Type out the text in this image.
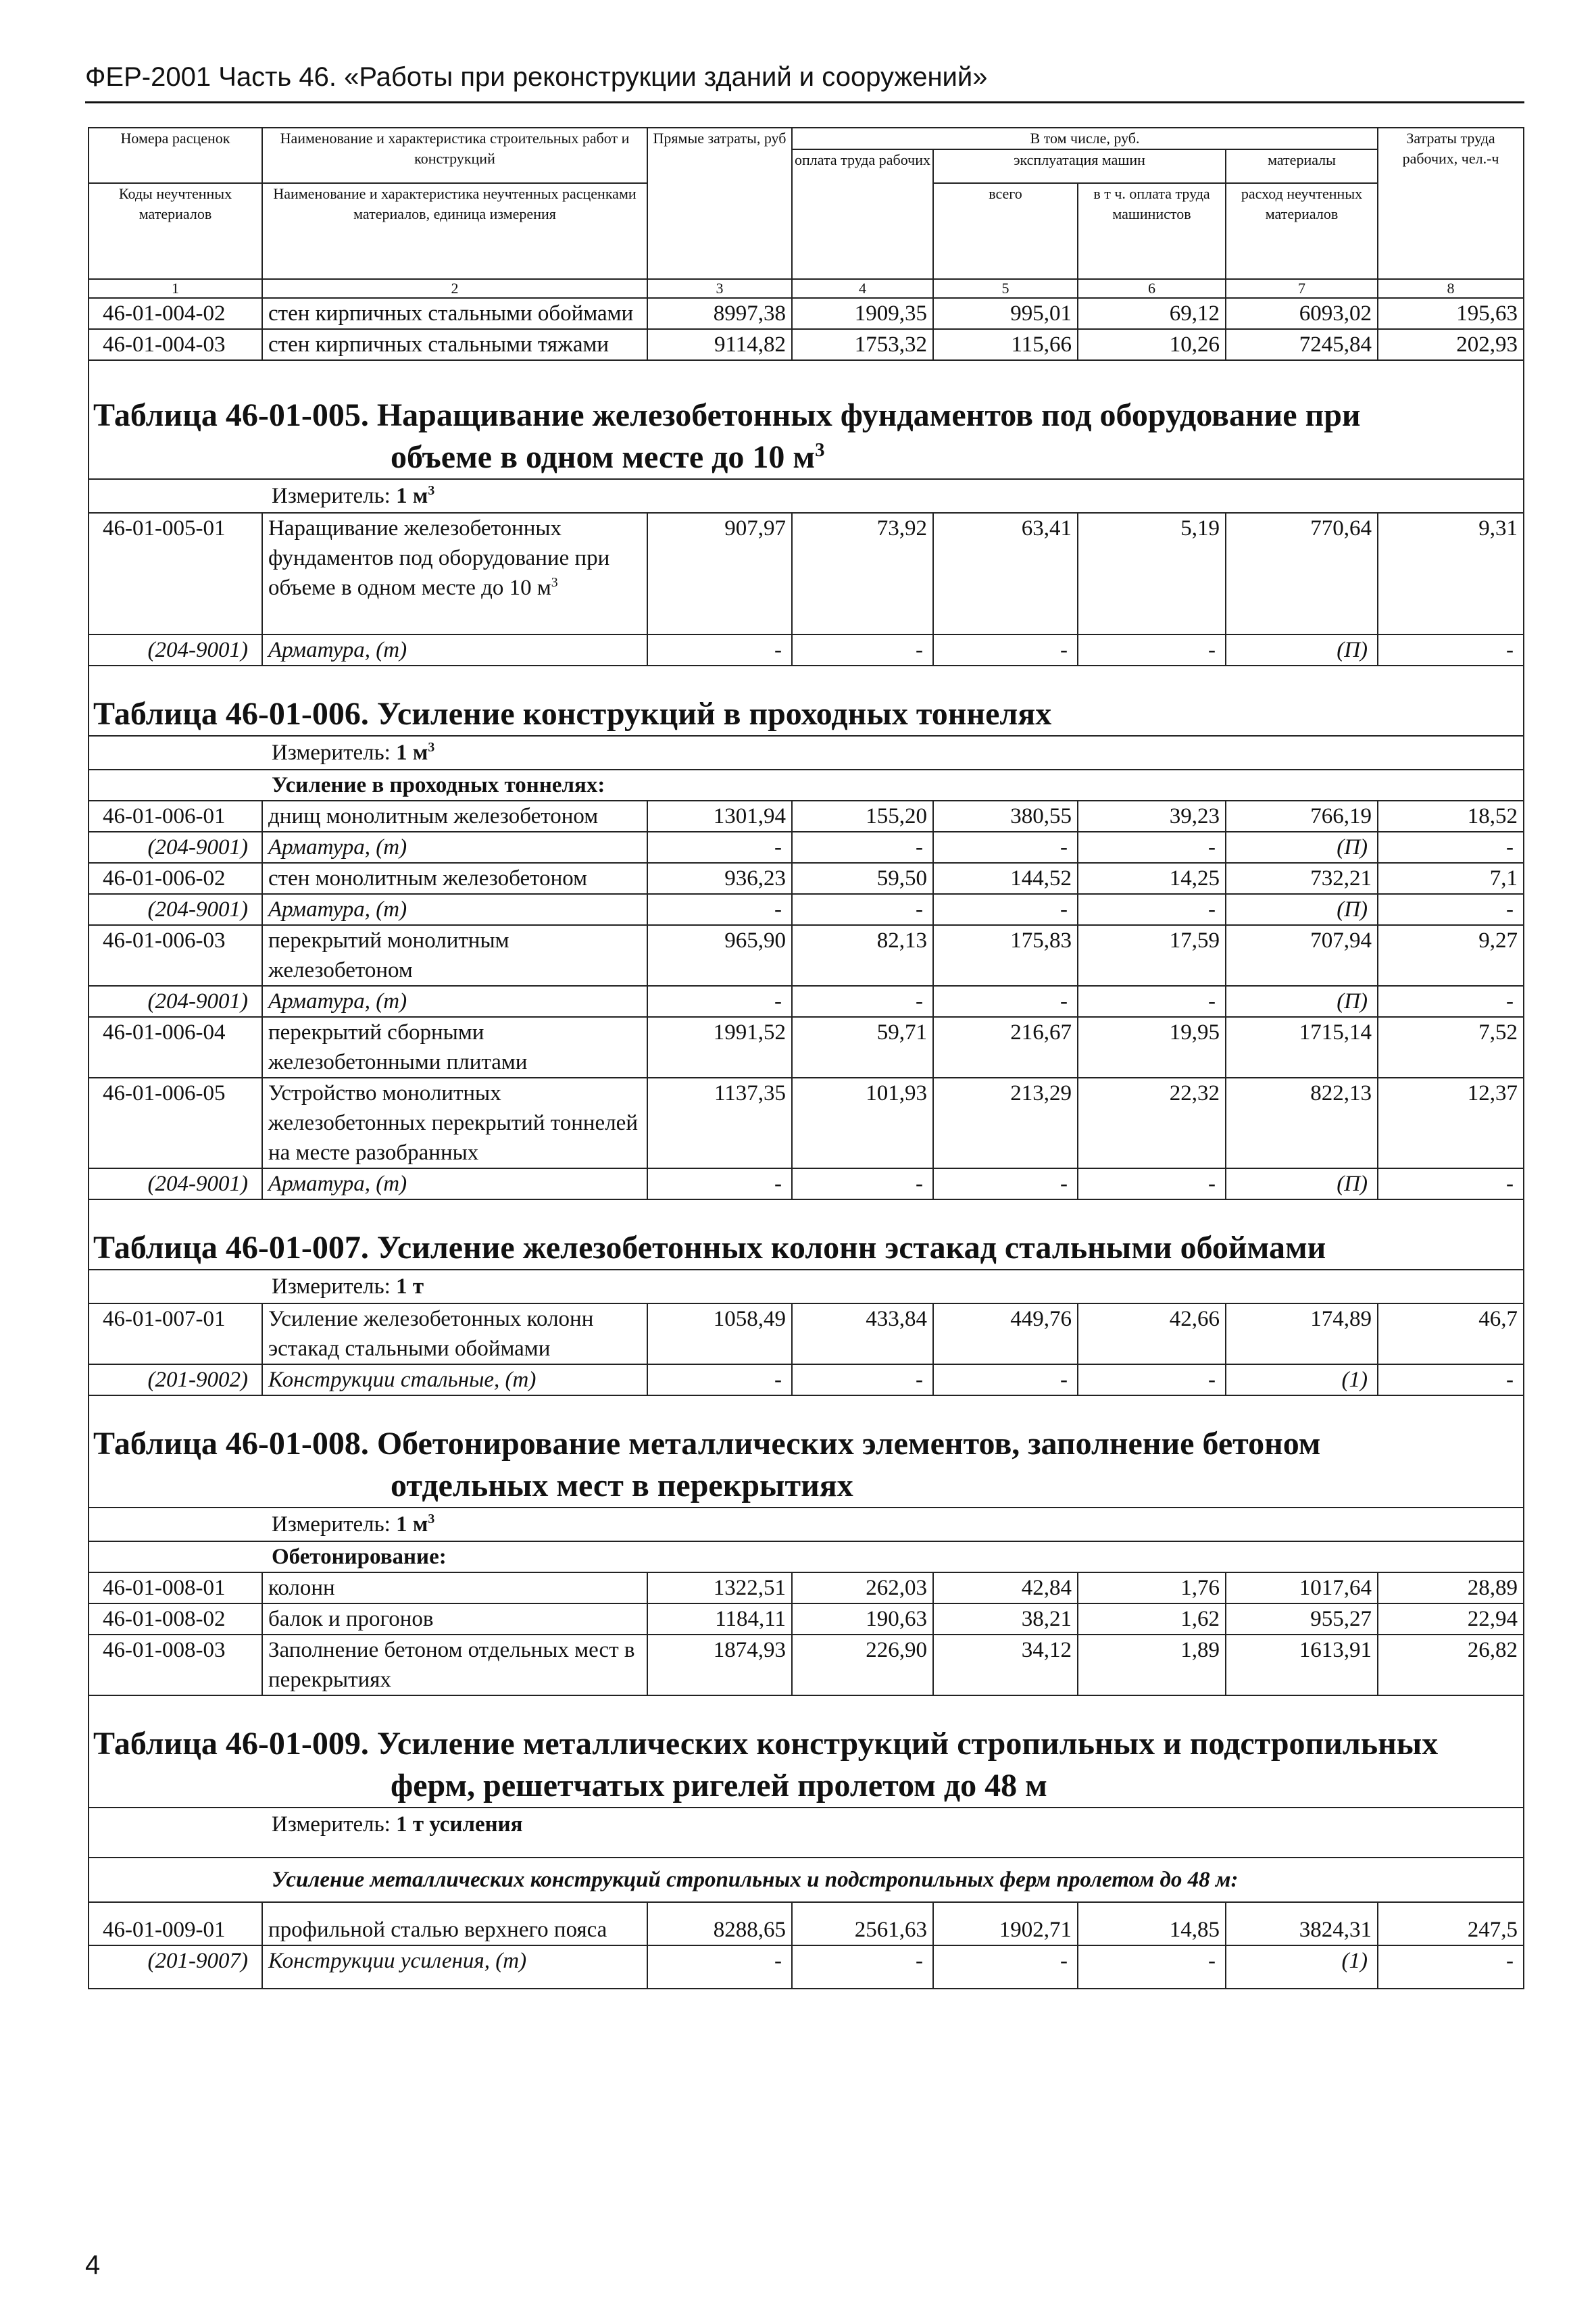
ФЕР-2001 Часть 46. «Работы при реконструкции зданий и сооружений»
Номера расценок	Наименование и характеристика строительных работ и конструкций	Прямые затраты, руб	В том числе, руб.				Затраты труда рабочих, чел.-ч
			оплата труда рабочих	эксплуатация машин		материалы	
Коды неучтенных материалов	Наименование и характеристика неучтенных расценками материалов, единица измерения			всего	в т ч. оплата труда машинистов	расход неучтенных материалов	

1	2	3	4	5	6	7	8
46-01-004-02	стен кирпичных стальными обоймами	8997,38	1909,35	995,01	69,12	6093,02	195,63
46-01-004-03	стен кирпичных стальными тяжами	9114,82	1753,32	115,66	10,26	7245,84	202,93
Таблица 46-01-005. Наращивание железобетонных фундаментов под оборудование при

объеме в одном месте до 10 $м^3$

Измеритель: 1 $м^3$
46-01-005-01	Наращивание железобетонных фундаментов под оборудование при объеме в одном месте до 10 $м^3$	907,97	73,92	63,41	5,19	770,64	9,31
(204-9001)	Арматура, (т)	-	-	-	-	(П)	-
Таблица 46-01-006. Усиление конструкций в проходных тоннелях							
Измеритель: 1 $м^3$
Усиление в проходных тоннелях:							
46-01-006-01	днищ монолитным железобетоном	1301,94	155,20	380,55	39,23	766,19	18,52
(204-9001)	Арматура, (т)	-	-	-	-	(П)	-
46-01-006-02	стен монолитным железобетоном	936,23	59,50	144,52	14,25	732,21	7,1
(204-9001)	Арматура, (т)	-	-	-	-	(П)	-
46-01-006-03	перекрытий монолитным железобетоном	965,90	82,13	175,83	17,59	707,94	9,27
(204-9001)	Арматура, (т)	-	-	-	-	(П)	-
46-01-006-04	перекрытий сборными железобетонными плитами	1991,52	59,71	216,67	19,95	1715,14	7,52
46-01-006-05	Устройство монолитных железобетонных перекрытий тоннелей на месте разобранных	1137,35	101,93	213,29	22,32	822,13	12,37
(204-9001)	Арматура, (т)	-	-	-	-	(П)	-
Таблица 46-01-007. Усиление железобетонных колонн эстакад стальными обоймами							
Измеритель: 1 т							
46-01-007-01	Усиление железобетонных колонн эстакад стальными обоймами	1058,49	433,84	449,76	42,66	174,89	46,7
(201-9002)	Конструкции стальные, (т)	-	-	-	-	(1)	-
Таблица 46-01-008. Обетонирование металлических элементов, заполнение бетоном

отдельных мест в перекрытиях							

Измеритель: 1 $м^3$
Обетонирование:							
46-01-008-01	колонн	1322,51	262,03	42,84	1,76	1017,64	28,89
46-01-008-02	балок и прогонов	1184,11	190,63	38,21	1,62	955,27	22,94
46-01-008-03	Заполнение бетоном отдельных мест в перекрытиях	1874,93	226,90	34,12	1,89	1613,91	26,82
Таблица 46-01-009. Усиление металлических конструкций стропильных и подстропильных

ферм, решетчатых ригелей пролетом до 48 м							

Измеритель: 1 т усиления							
Усиление металлических конструкций стропильных и подстропильных ферм пролетом до 48 м:							
46-01-009-01	профильной сталью верхнего пояса	8288,65	2561,63	1902,71	14,85	3824,31	247,5
(201-9007)	Конструкции усиления, (т)	-	-	-	-	(1)	-
4
